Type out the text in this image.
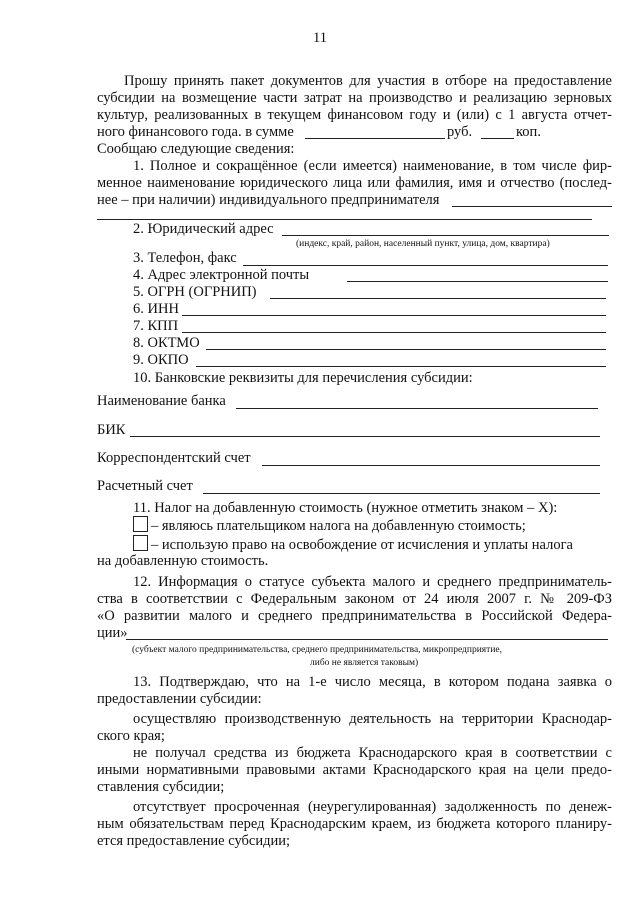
11
Прошу принять пакет документов для участия в отборе на предоставление
субсидии на возмещение части затрат на производство и реализацию зерновых
культур, реализованных в текущем финансовом году и (или) с 1 августа отчет-
ного финансового года. в сумме	руб.	коп.
Сообщаю следующие сведения:
1. Полное и сокращённое (если имеется) наименование, в том числе фир-
менное наименование юридического лица или фамилия, имя и отчество (послед-
нее – при наличии) индивидуального предпринимателя
2. Юридический адрес
(индекс, край, район, населенный пункт, улица, дом, квартира)
3. Телефон, факс
4. Адрес электронной почты
5. ОГРН (ОГРНИП)
6. ИНН
7. КПП
8. ОКТМО
9. ОКПО
10. Банковские реквизиты для перечисления субсидии:
Наименование банка
БИК
Корреспондентский счет
Расчетный счет
11. Налог на добавленную стоимость (нужное отметить знаком – X):
– являюсь плательщиком налога на добавленную стоимость;
– использую право на освобождение от исчисления и уплаты налога
на добавленную стоимость.
12. Информация о статусе субъекта малого и среднего предприниматель-
ства в соответствии с Федеральным законом от 24 июля 2007 г. № 209-ФЗ
«О развитии малого и среднего предпринимательства в Российской Федера-
ции»
(субъект малого предпринимательства, среднего предпринимательства, микропредприятие,
либо не является таковым)
13. Подтверждаю, что на 1-е число месяца, в котором подана заявка о
предоставлении субсидии:
осуществляю производственную деятельность на территории Краснодар-
ского края;
не получал средства из бюджета Краснодарского края в соответствии с
иными нормативными правовыми актами Краснодарского края на цели предо-
ставления субсидии;
отсутствует просроченная (неурегулированная) задолженность по денеж-
ным обязательствам перед Краснодарским краем, из бюджета которого планиру-
ется предоставление субсидии;
